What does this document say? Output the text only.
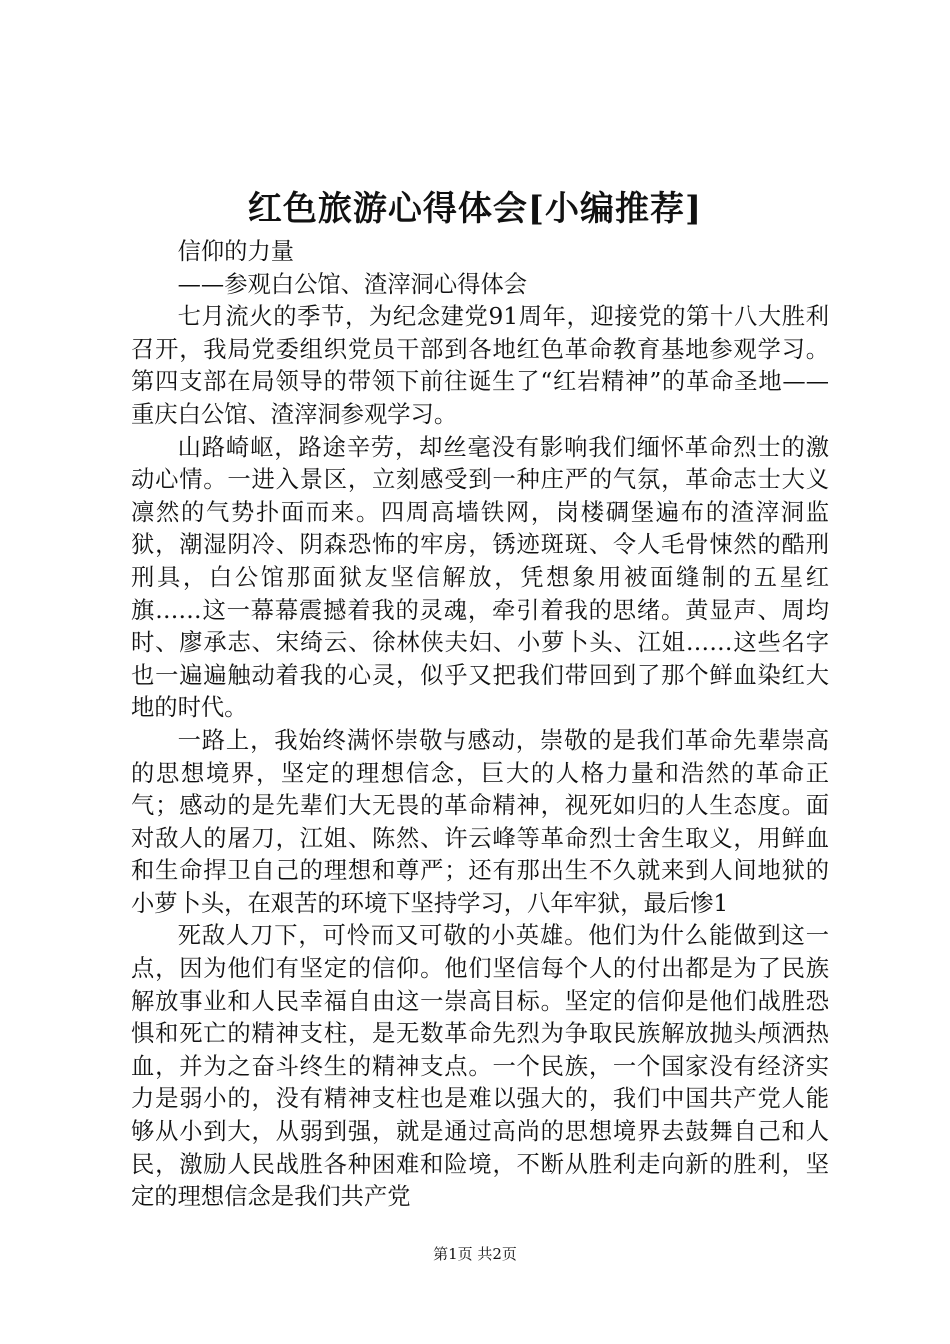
红色旅游心得体会[小编推荐]

信仰的力量

——参观白公馆、渣滓洞心得体会

七月流火的季节，为纪念建党91周年，迎接党的第十八大胜利召开，我局党委组织党员干部到各地红色革命教育基地参观学习。第四支部在局领导的带领下前往诞生了“红岩精神”的革命圣地——重庆白公馆、渣滓洞参观学习。

山路崎岖，路途辛劳，却丝毫没有影响我们缅怀革命烈士的激动心情。一进入景区，立刻感受到一种庄严的气氛，革命志士大义凛然的气势扑面而来。四周高墙铁网，岗楼碉堡遍布的渣滓洞监狱，潮湿阴冷、阴森恐怖的牢房，锈迹斑斑、令人毛骨悚然的酷刑刑具，白公馆那面狱友坚信解放，凭想象用被面缝制的五星红旗……这一幕幕震撼着我的灵魂，牵引着我的思绪。黄显声、周均时、廖承志、宋绮云、徐林侠夫妇、小萝卜头、江姐……这些名字也一遍遍触动着我的心灵，似乎又把我们带回到了那个鲜血染红大地的时代。

一路上，我始终满怀崇敬与感动，崇敬的是我们革命先辈崇高的思想境界，坚定的理想信念，巨大的人格力量和浩然的革命正气；感动的是先辈们大无畏的革命精神，视死如归的人生态度。面对敌人的屠刀，江姐、陈然、许云峰等革命烈士舍生取义，用鲜血和生命捍卫自己的理想和尊严；还有那出生不久就来到人间地狱的小萝卜头，在艰苦的环境下坚持学习，八年牢狱，最后惨1

死敌人刀下，可怜而又可敬的小英雄。他们为什么能做到这一点，因为他们有坚定的信仰。他们坚信每个人的付出都是为了民族解放事业和人民幸福自由这一崇高目标。坚定的信仰是他们战胜恐惧和死亡的精神支柱，是无数革命先烈为争取民族解放抛头颅洒热血，并为之奋斗终生的精神支点。一个民族，一个国家没有经济实力是弱小的，没有精神支柱也是难以强大的，我们中国共产党人能够从小到大，从弱到强，就是通过高尚的思想境界去鼓舞自己和人民，激励人民战胜各种困难和险境，不断从胜利走向新的胜利，坚定的理想信念是我们共产党

第1页 共2页
